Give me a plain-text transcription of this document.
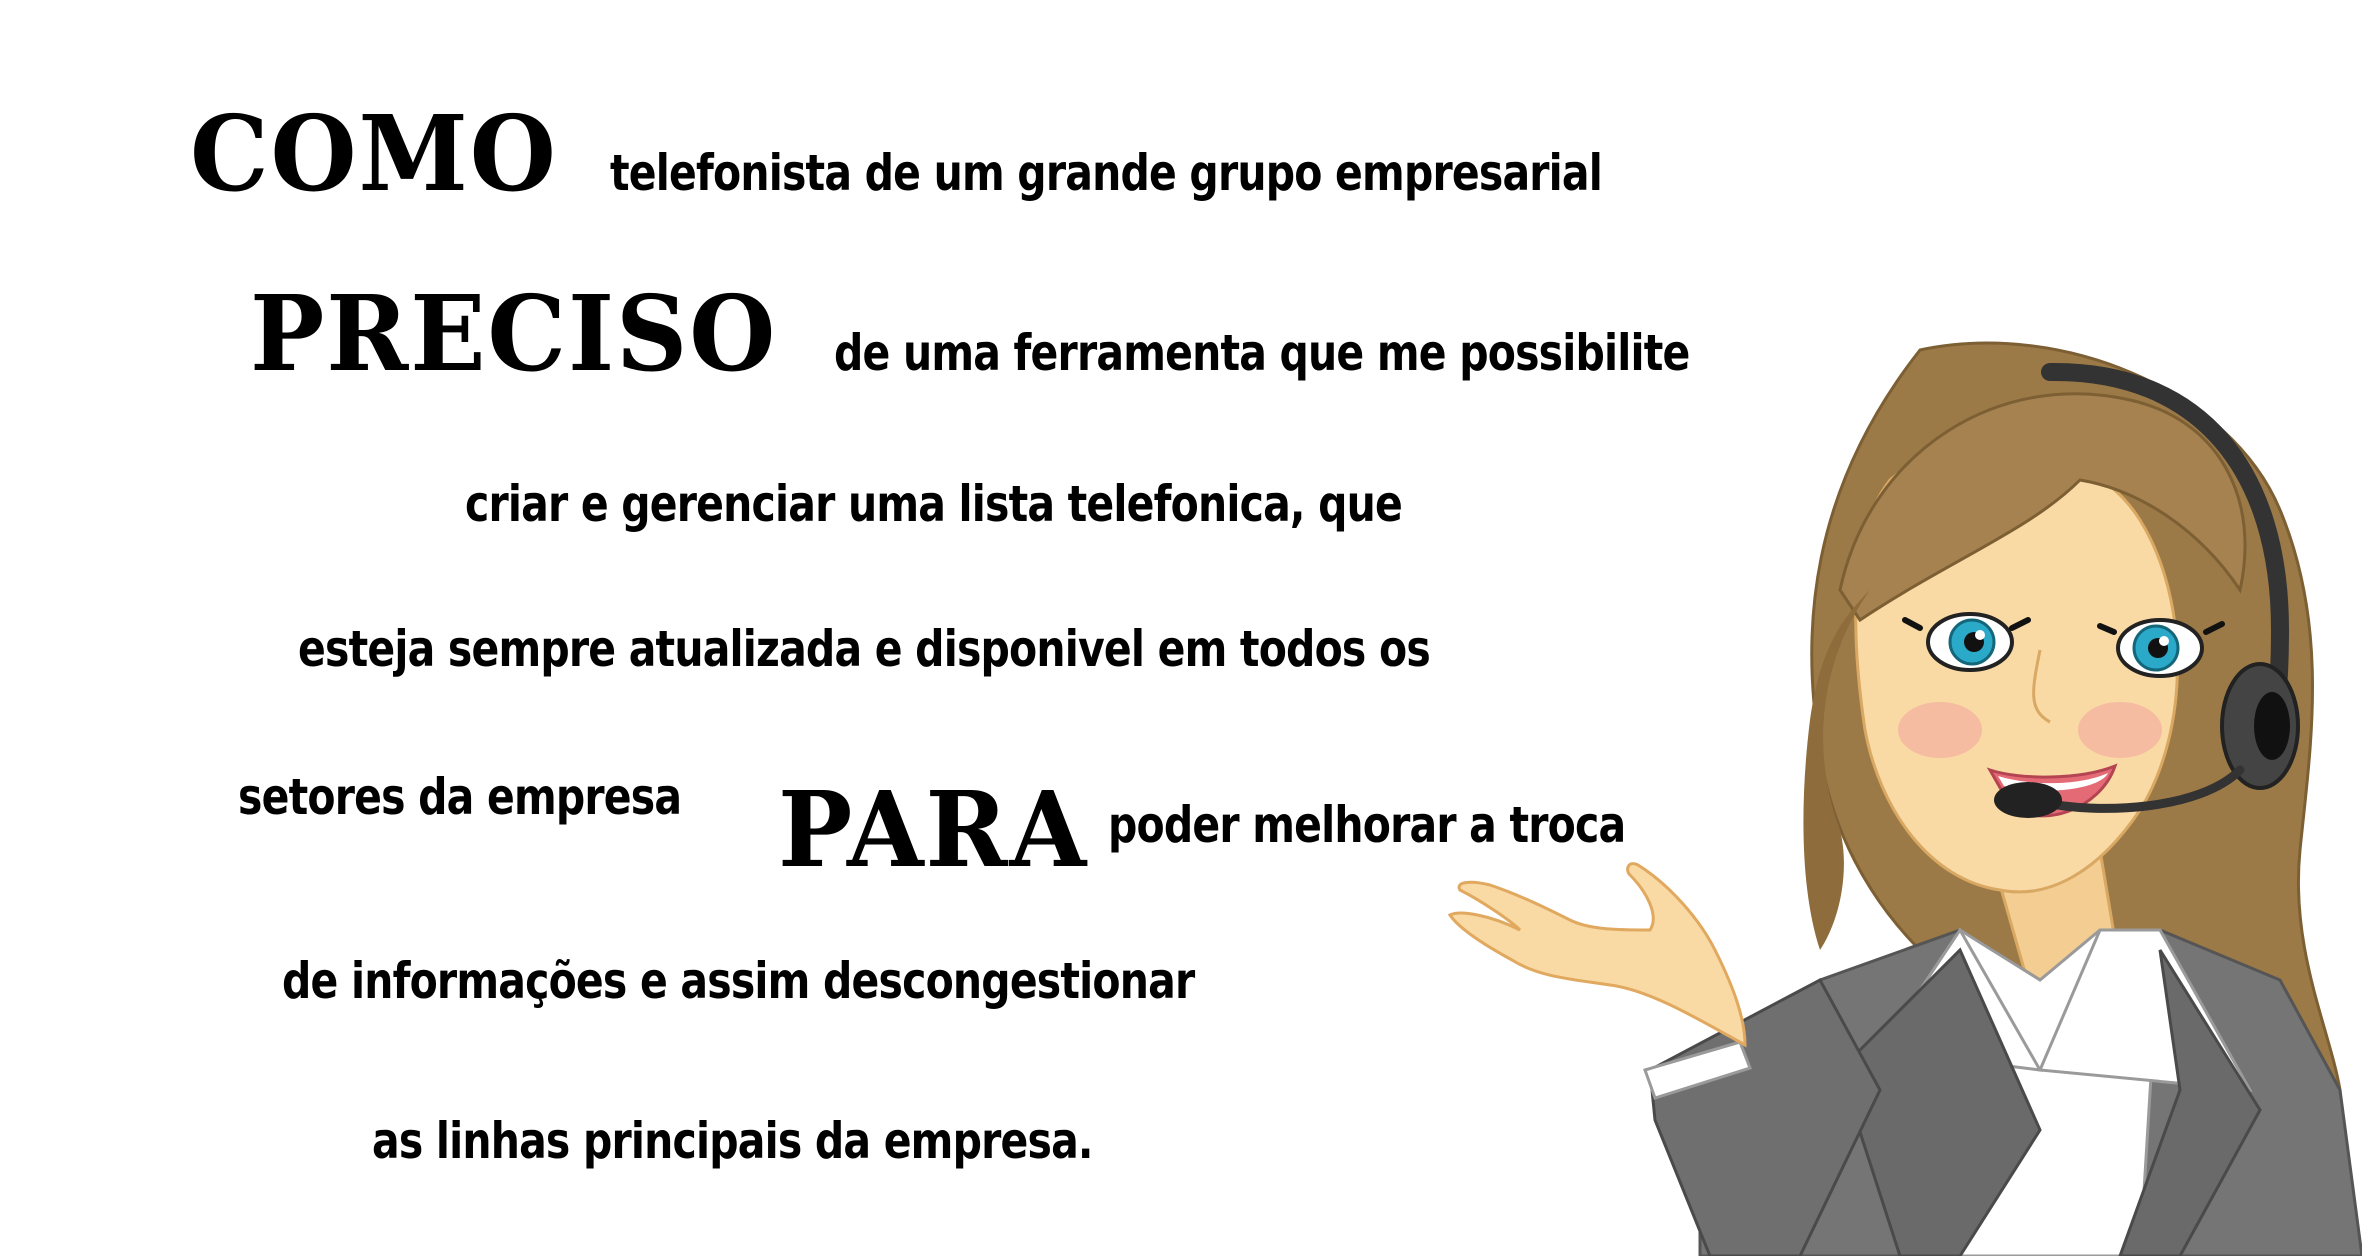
COMO telefonista de um grande grupo empresarial
PRECISO de uma ferramenta que me possibilite
criar e gerenciar uma lista telefonica, que
esteja sempre atualizada e disponivel em todos os
setores da empresa PARA poder melhorar a troca
de informações e assim descongestionar
as linhas principais da empresa.
